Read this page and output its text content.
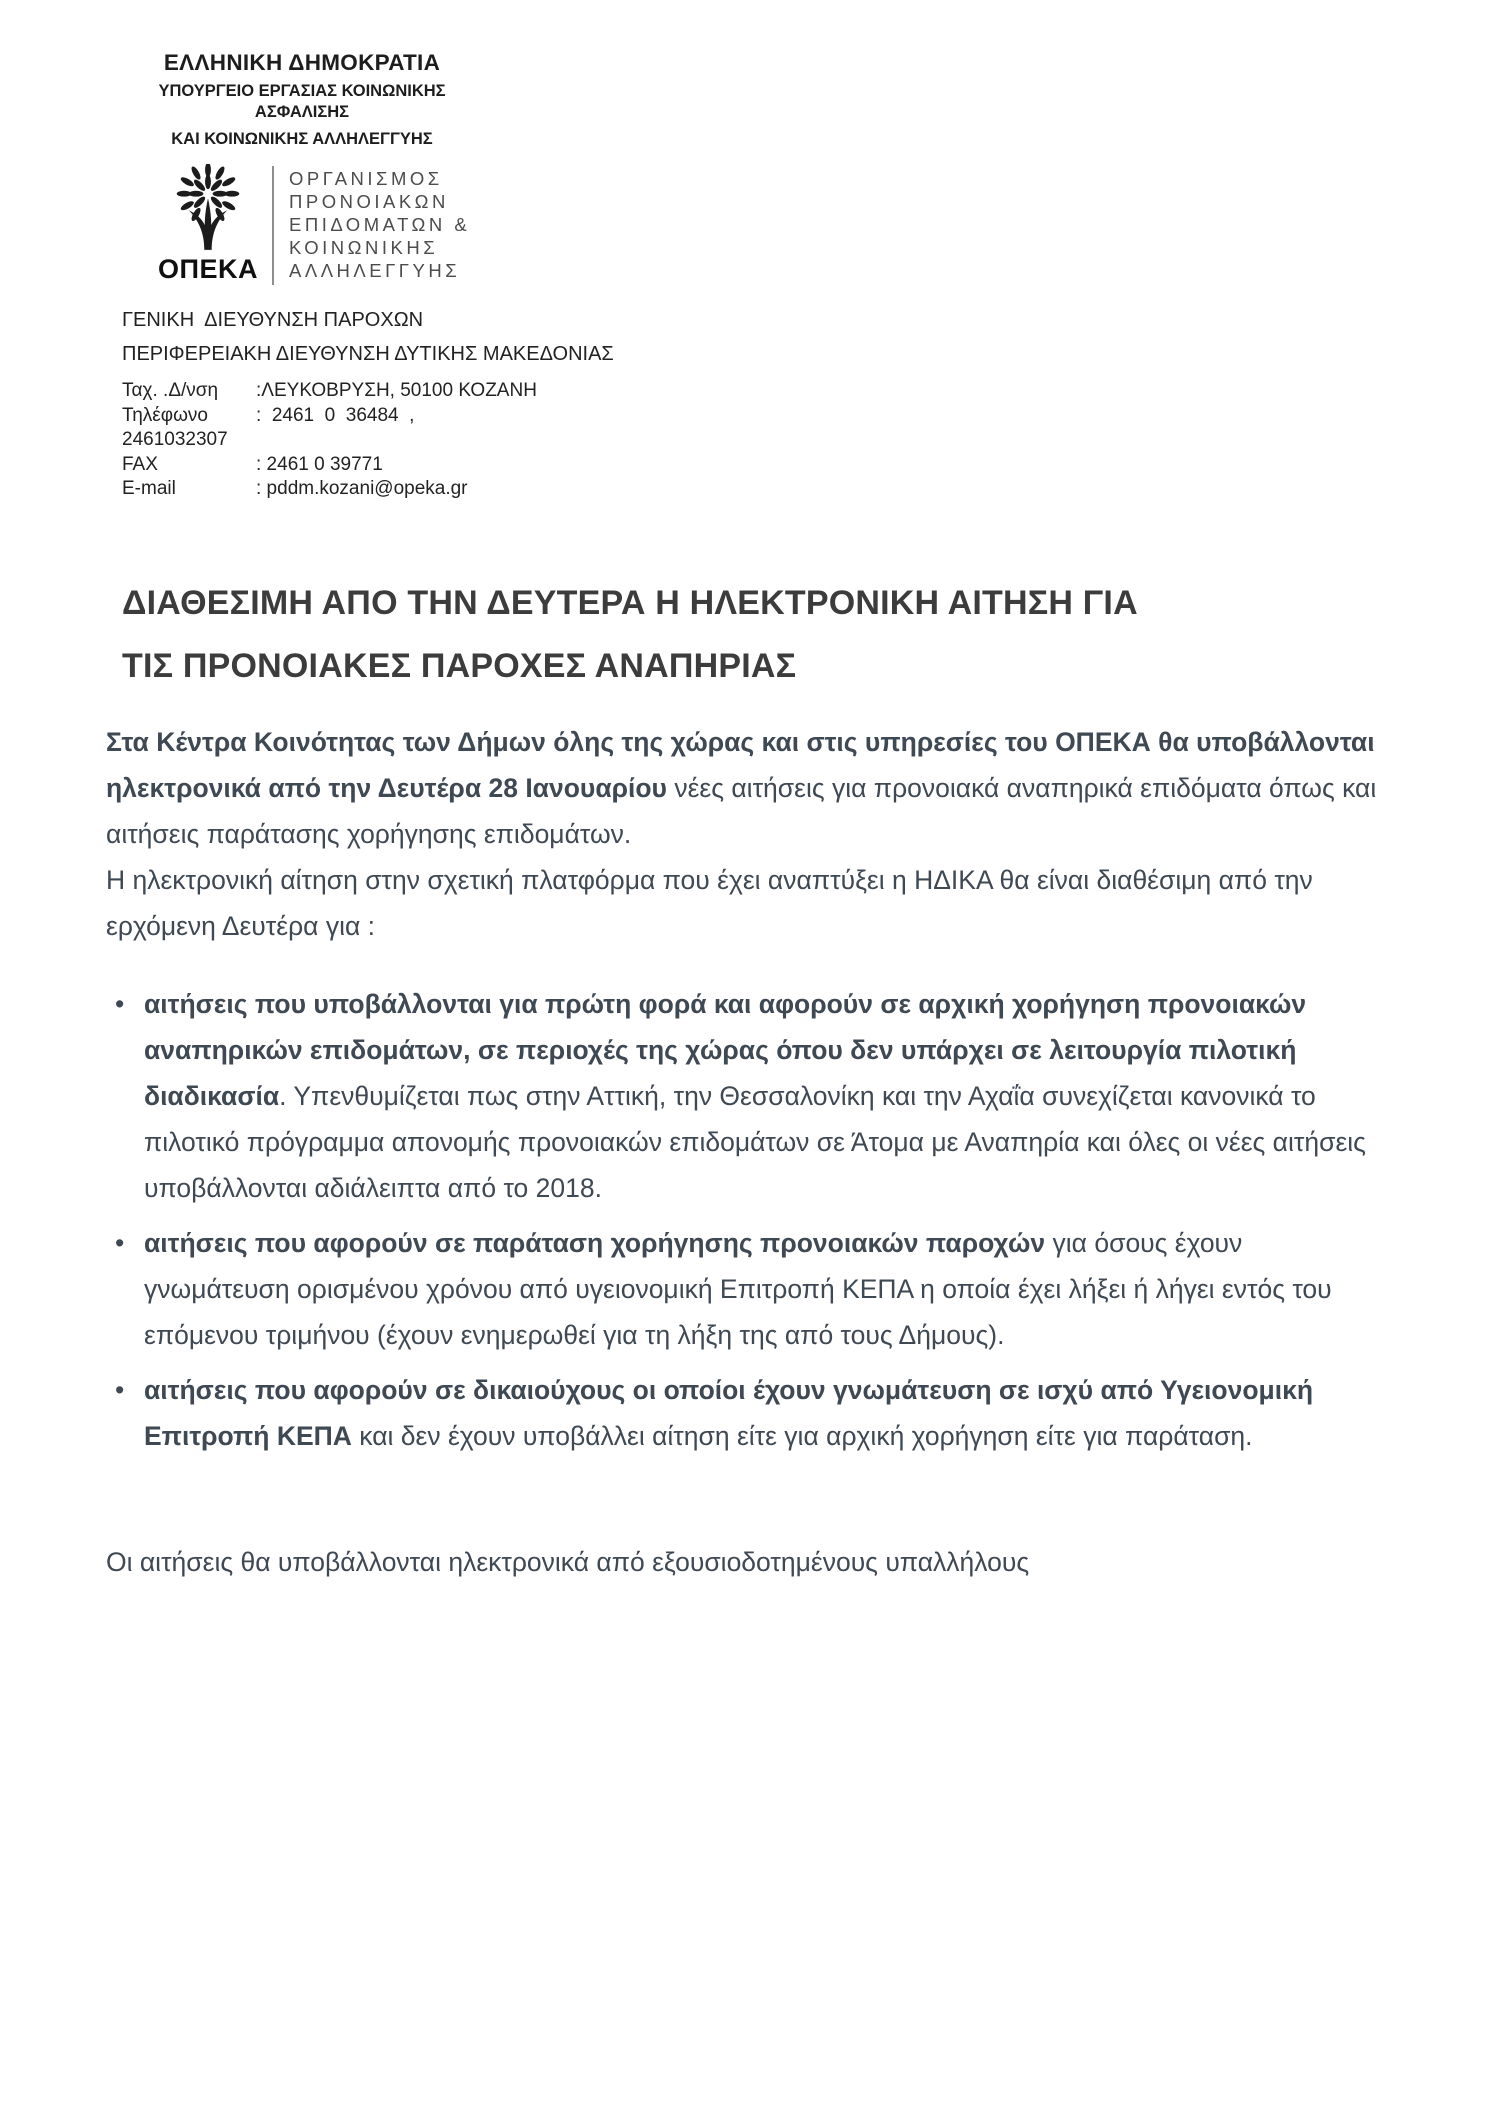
ΕΛΛΗΝΙΚΗ ΔΗΜΟΚΡΑΤΙΑ
ΥΠΟΥΡΓΕΙΟ ΕΡΓΑΣΙΑΣ ΚΟΙΝΩΝΙΚΗΣ ΑΣΦΑΛΙΣΗΣ
ΚΑΙ ΚΟΙΝΩΝΙΚΗΣ ΑΛΛΗΛΕΓΓΥΗΣ
ΟΠΕΚΑ
ΟΡΓΑΝΙΣΜΟΣ
ΠΡΟΝΟΙΑΚΩΝ
ΕΠΙΔΟΜΑΤΩΝ &
ΚΟΙΝΩΝΙΚΗΣ
ΑΛΛΗΛΕΓΓΥΗΣ
ΓΕΝΙΚΗ  ΔΙΕΥΘΥΝΣΗ ΠΑΡΟΧΩΝ
ΠΕΡΙΦΕΡΕΙΑΚΗ ΔΙΕΥΘΥΝΣΗ ΔΥΤΙΚΗΣ ΜΑΚΕΔΟΝΙΑΣ
Ταχ. .Δ/νση	:ΛΕΥΚΟΒΡΥΣΗ, 50100 ΚΟΖΑΝΗ
Τηλέφωνο	:  2461  0  36484  ,
2461032307
FAX	: 2461 0 39771
E-mail	: pddm.kozani@opeka.gr
ΔΙΑΘΕΣΙΜΗ ΑΠΟ ΤΗΝ ΔΕΥΤΕΡΑ Η ΗΛΕΚΤΡΟΝΙΚΗ ΑΙΤΗΣΗ ΓΙΑ
ΤΙΣ ΠΡΟΝΟΙΑΚΕΣ ΠΑΡΟΧΕΣ ΑΝΑΠΗΡΙΑΣ

Στα Κέντρα Κοινότητας των Δήμων όλης της χώρας και στις υπηρεσίες του ΟΠΕΚΑ θα υποβάλλονται ηλεκτρονικά από την Δευτέρα 28 Ιανουαρίου νέες αιτήσεις για προνοιακά αναπηρικά επιδόματα όπως και αιτήσεις παράτασης χορήγησης επιδομάτων.

Η ηλεκτρονική αίτηση στην σχετική πλατφόρμα που έχει αναπτύξει η ΗΔΙΚΑ θα είναι διαθέσιμη από την ερχόμενη Δευτέρα για :

• αιτήσεις που υποβάλλονται για πρώτη φορά και αφορούν σε αρχική χορήγηση προνοιακών αναπηρικών επιδομάτων, σε περιοχές της χώρας όπου δεν υπάρχει σε λειτουργία πιλοτική διαδικασία. Υπενθυμίζεται πως στην Αττική, την Θεσσαλονίκη και την Αχαΐα συνεχίζεται κανονικά το πιλοτικό πρόγραμμα απονομής προνοιακών επιδομάτων σε Άτομα με Αναπηρία και όλες οι νέες αιτήσεις υποβάλλονται αδιάλειπτα από το 2018.
• αιτήσεις που αφορούν σε παράταση χορήγησης προνοιακών παροχών για όσους έχουν γνωμάτευση ορισμένου χρόνου από υγειονομική Επιτροπή ΚΕΠΑ η οποία έχει λήξει ή λήγει εντός του επόμενου τριμήνου (έχουν ενημερωθεί για τη λήξη της από τους Δήμους).
• αιτήσεις που αφορούν σε δικαιούχους οι οποίοι έχουν γνωμάτευση σε ισχύ από Υγειονομική Επιτροπή ΚΕΠΑ και δεν έχουν υποβάλλει αίτηση είτε για αρχική χορήγηση είτε για παράταση.

Οι αιτήσεις θα υποβάλλονται ηλεκτρονικά από εξουσιοδοτημένους υπαλλήλους
